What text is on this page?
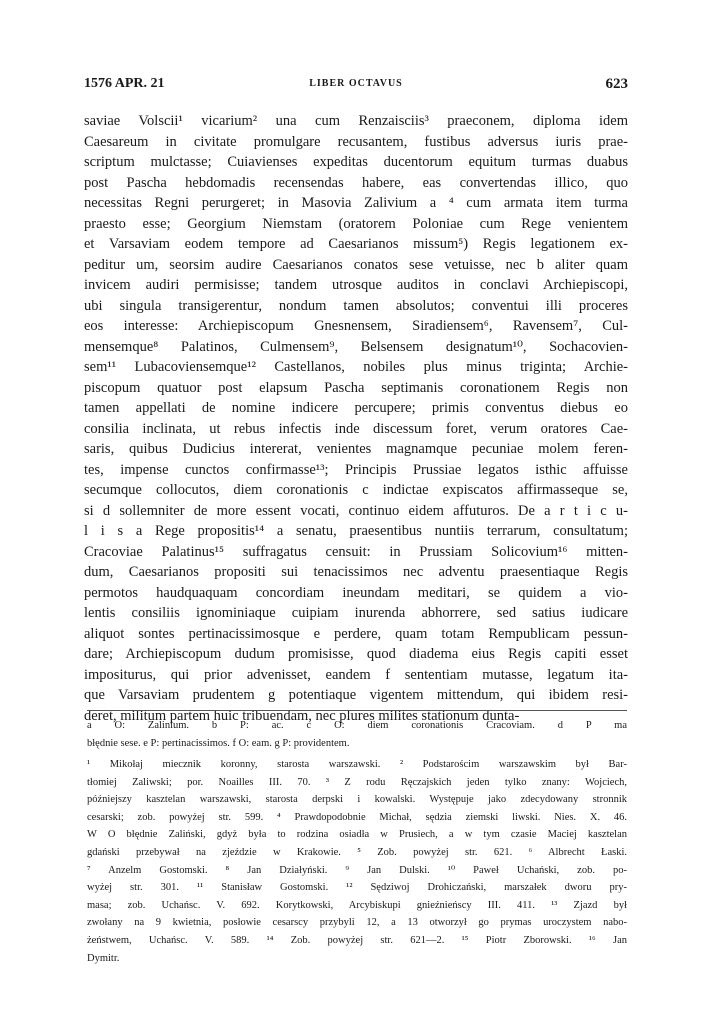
1576 APR. 21	LIBER OCTAVUS	623
saviae Volscii¹ vicarium² una cum Renzaisciis³ praeconem, diploma idem
Caesareum in civitate promulgare recusantem, fustibus adversus iuris prae-
scriptum mulctasse; Cuiavienses expeditas ducentorum equitum turmas duabus
post Pascha hebdomadis recensendas habere, eas convertendas illico, quo
necessitas Regni perurgeret; in Masovia Zalivium a ⁴ cum armata item turma
praesto esse; Georgium Niemstam (oratorem Poloniae cum Rege venientem
et Varsaviam eodem tempore ad Caesarianos missum⁵) Regis legationem ex-
peditur um, seorsim audire Caesarianos conatos sese vetuisse, nec b aliter quam
invicem audiri permisisse; tandem utrosque auditos in conclavi Archiepiscopi,
ubi singula transigerentur, nondum tamen absolutos; conventui illi proceres
eos interesse: Archiepiscopum Gnesnensem, Siradiensem⁶, Ravensem⁷, Cul-
mensemque⁸ Palatinos, Culmensem⁹, Belsensem designatum¹⁰, Sochacovien-
sem¹¹ Lubacoviensemque¹² Castellanos, nobiles plus minus triginta; Archie-
piscopum quatuor post elapsum Pascha septimanis coronationem Regis non
tamen appellati de nomine indicere percupere; primis conventus diebus eo
consilia inclinata, ut rebus infectis inde discessum foret, verum oratores Cae-
saris, quibus Dudicius intererat, venientes magnamque pecuniae molem feren-
tes, impense cunctos confirmasse¹³; Principis Prussiae legatos isthic affuisse
secumque collocutos, diem coronationis c indictae expiscatos affirmasseque se,
si d sollemniter de more essent vocati, continuo eidem affuturos. De a r t i c u-
l i s a Rege propositis¹⁴ a senatu, praesentibus nuntiis terrarum, consultatum;
Cracoviae Palatinus¹⁵ suffragatus censuit: in Prussiam Solicovium¹⁶ mitten-
dum, Caesarianos propositi sui tenacissimos nec adventu praesentiaque Regis
permotos haudquaquam concordiam ineundam meditari, se quidem a vio-
lentis consiliis ignominiaque cuipiam inurenda abhorrere, sed satius iudicare
aliquot sontes pertinacissimosque e perdere, quam totam Rempublicam pessun-
dare; Archiepiscopum dudum promisisse, quod diadema eius Regis capiti esset
impositurus, qui prior advenisset, eandem f sententiam mutasse, legatum ita-
que Varsaviam prudentem g potentiaque vigentem mittendum, qui ibidem resi-
deret, militum partem huic tribuendam, nec plures milites stationum dunta-
a O: Zalinium. b P: ac. c O: diem coronationis Cracoviam. d P ma
błędnie sese. e P: pertinacissimos. f O: eam. g P: providentem.
¹ Mikołaj miecznik koronny, starosta warszawski. ² Podstarościm warszawskim był Bar-
tłomiej Zaliwski; por. Noailles III. 70. ³ Z rodu Ręczajskich jeden tylko znany: Wojciech,
późniejszy kasztelan warszawski, starosta derpski i kowalski. Występuje jako zdecydowany stronnik
cesarski; zob. powyżej str. 599. ⁴ Prawdopodobnie Michał, sędzia ziemski liwski. Nies. X. 46.
W O błędnie Zaliński, gdyż była to rodzina osiadła w Prusiech, a w tym czasie Maciej kasztelan
gdański przebywał na zjeździe w Krakowie. ⁵ Zob. powyżej str. 621. ⁶ Albrecht Łaski.
⁷ Anzelm Gostomski. ⁸ Jan Działyński. ⁹ Jan Dulski. ¹⁰ Paweł Uchański, zob. po-
wyżej str. 301. ¹¹ Stanisław Gostomski. ¹² Sędziwoj Drohiczański, marszałek dworu pry-
masa; zob. Uchańsc. V. 692. Korytkowski, Arcybiskupi gnieźnieńscy III. 411. ¹³ Zjazd był
zwołany na 9 kwietnia, posłowie cesarscy przybyli 12, a 13 otworzył go prymas uroczystem nabo-
żeństwem, Uchańsc. V. 589. ¹⁴ Zob. powyżej str. 621—2. ¹⁵ Piotr Zborowski. ¹⁶ Jan
Dymitr.
